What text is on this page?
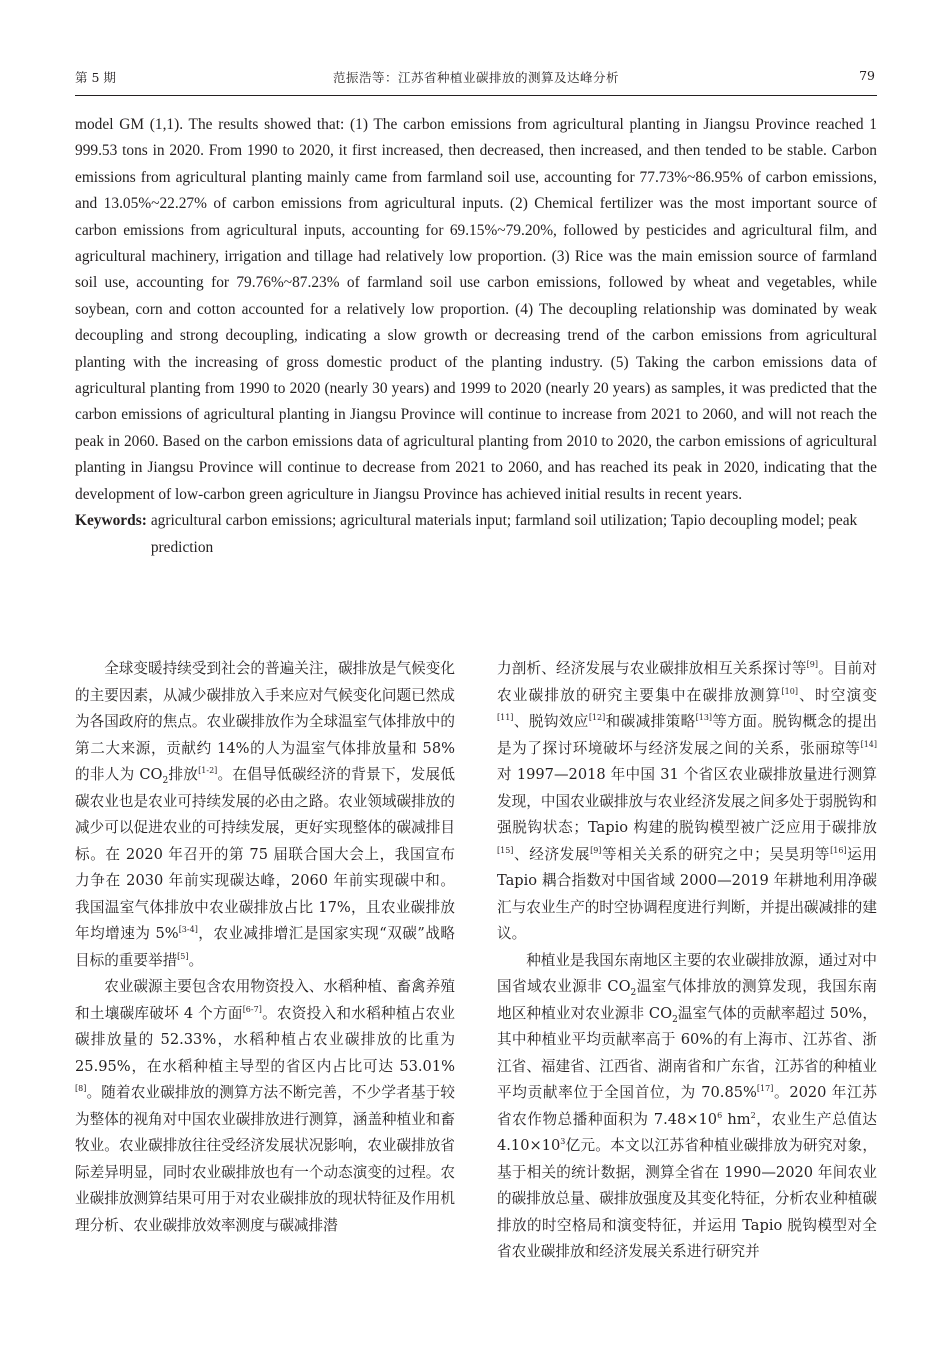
第 5 期	范振浩等：江苏省种植业碳排放的测算及达峰分析	79

model GM (1,1). The results showed that: (1) The carbon emissions from agricultural planting in Jiangsu Province reached 1 999.53 tons in 2020. From 1990 to 2020, it first increased, then decreased, then increased, and then tended to be stable. Carbon emissions from agricultural planting mainly came from farmland soil use, accounting for 77.73%~86.95% of carbon emissions, and 13.05%~22.27% of carbon emissions from agricultural inputs. (2) Chemical fertilizer was the most important source of carbon emissions from agricultural inputs, accounting for 69.15%~79.20%, followed by pesticides and agricultural film, and agricultural machinery, irrigation and tillage had relatively low proportion. (3) Rice was the main emission source of farmland soil use, accounting for 79.76%~87.23% of farmland soil use carbon emissions, followed by wheat and vegetables, while soybean, corn and cotton accounted for a relatively low proportion. (4) The decoupling relationship was dominated by weak decoupling and strong decoupling, indicating a slow growth or decreasing trend of the carbon emissions from agricultural planting with the increasing of gross domestic product of the planting industry. (5) Taking the carbon emissions data of agricultural planting from 1990 to 2020 (nearly 30 years) and 1999 to 2020 (nearly 20 years) as samples, it was predicted that the carbon emissions of agricultural planting in Jiangsu Province will continue to increase from 2021 to 2060, and will not reach the peak in 2060. Based on the carbon emissions data of agricultural planting from 2010 to 2020, the carbon emissions of agricultural planting in Jiangsu Province will continue to decrease from 2021 to 2060, and has reached its peak in 2020, indicating that the development of low-carbon green agriculture in Jiangsu Province has achieved initial results in recent years.

Keywords: agricultural carbon emissions; agricultural materials input; farmland soil utilization; Tapio decoupling model; peak prediction

全球变暖持续受到社会的普遍关注，碳排放是气候变化的主要因素，从减少碳排放入手来应对气候变化问题已然成为各国政府的焦点。农业碳排放作为全球温室气体排放中的第二大来源，贡献约 14%的人为温室气体排放量和 58%的非人为 $CO_2$排放[1-2]。在倡导低碳经济的背景下，发展低碳农业也是农业可持续发展的必由之路。农业领域碳排放的减少可以促进农业的可持续发展，更好实现整体的碳减排目标。在 2020 年召开的第 75 届联合国大会上，我国宣布力争在 2030 年前实现碳达峰，2060 年前实现碳中和。我国温室气体排放中农业碳排放占比 17%，且农业碳排放年均增速为 5%[3-4]，农业减排增汇是国家实现“双碳”战略目标的重要举措[5]。

农业碳源主要包含农用物资投入、水稻种植、畜禽养殖和土壤碳库破坏 4 个方面[6-7]。农资投入和水稻种植占农业碳排放量的 52.33%，水稻种植占农业碳排放的比重为 25.95%，在水稻种植主导型的省区内占比可达 53.01%[8]。随着农业碳排放的测算方法不断完善，不少学者基于较为整体的视角对中国农业碳排放进行测算，涵盖种植业和畜牧业。农业碳排放往往受经济发展状况影响，农业碳排放省际差异明显，同时农业碳排放也有一个动态演变的过程。农业碳排放测算结果可用于对农业碳排放的现状特征及作用机理分析、农业碳排放效率测度与碳减排潜

力剖析、经济发展与农业碳排放相互关系探讨等[9]。目前对农业碳排放的研究主要集中在碳排放测算[10]、时空演变[11]、脱钩效应[12]和碳减排策略[13]等方面。脱钩概念的提出是为了探讨环境破坏与经济发展之间的关系，张丽琼等[14]对 1997—2018 年中国 31 个省区农业碳排放量进行测算发现，中国农业碳排放与农业经济发展之间多处于弱脱钩和强脱钩状态；Tapio 构建的脱钩模型被广泛应用于碳排放[15]、经济发展[9]等相关关系的研究之中；吴昊玥等[16]运用 Tapio 耦合指数对中国省域 2000—2019 年耕地利用净碳汇与农业生产的时空协调程度进行判断，并提出碳减排的建议。

种植业是我国东南地区主要的农业碳排放源，通过对中国省域农业源非 $CO_2$温室气体排放的测算发现，我国东南地区种植业对农业源非 $CO_2$温室气体的贡献率超过 50%，其中种植业平均贡献率高于 60%的有上海市、江苏省、浙江省、福建省、江西省、湖南省和广东省，江苏省的种植业平均贡献率位于全国首位，为 70.85%[17]。2020 年江苏省农作物总播种面积为 $7.48\times 10^6$ $hm^2$，农业生产总值达 $4.10\times 10^3$亿元。本文以江苏省种植业碳排放为研究对象，基于相关的统计数据，测算全省在 1990—2020 年间农业的碳排放总量、碳排放强度及其变化特征，分析农业种植碳排放的时空格局和演变特征，并运用 Tapio 脱钩模型对全省农业碳排放和经济发展关系进行研究并
